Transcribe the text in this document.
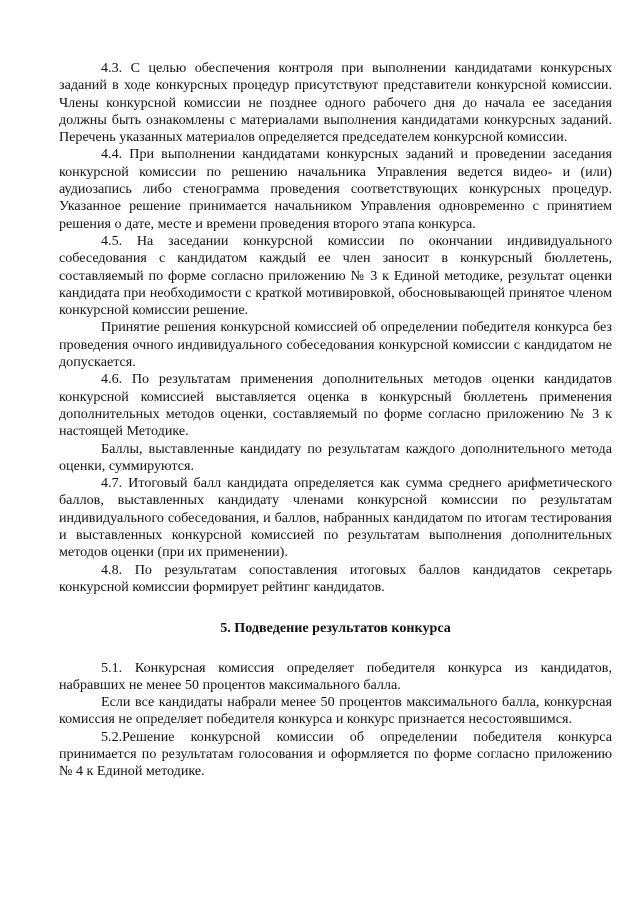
4.3. С целью обеспечения контроля при выполнении кандидатами конкурсных заданий в ходе конкурсных процедур присутствуют представители конкурсной комиссии. Члены конкурсной комиссии не позднее одного рабочего дня до начала ее заседания должны быть ознакомлены с материалами выполнения кандидатами конкурсных заданий. Перечень указанных материалов определяется председателем конкурсной комиссии.

4.4. При выполнении кандидатами конкурсных заданий и проведении заседания конкурсной комиссии по решению начальника Управления ведется видео- и (или) аудиозапись либо стенограмма проведения соответствующих конкурсных процедур. Указанное решение принимается начальником Управления одновременно с принятием решения о дате, месте и времени проведения второго этапа конкурса.

4.5. На заседании конкурсной комиссии по окончании индивидуального собеседования с кандидатом каждый ее член заносит в конкурсный бюллетень, составляемый по форме согласно приложению № 3 к Единой методике, результат оценки кандидата при необходимости с краткой мотивировкой, обосновывающей принятое членом конкурсной комиссии решение.

Принятие решения конкурсной комиссией об определении победителя конкурса без проведения очного индивидуального собеседования конкурсной комиссии с кандидатом не допускается.

4.6. По результатам применения дополнительных методов оценки кандидатов конкурсной комиссией выставляется оценка в конкурсный бюллетень применения дополнительных методов оценки, составляемый по форме согласно приложению № 3 к настоящей Методике.

Баллы, выставленные кандидату по результатам каждого дополнительного метода оценки, суммируются.

4.7. Итоговый балл кандидата определяется как сумма среднего арифметического баллов, выставленных кандидату членами конкурсной комиссии по результатам индивидуального собеседования, и баллов, набранных кандидатом по итогам тестирования и выставленных конкурсной комиссией по результатам выполнения дополнительных методов оценки (при их применении).

4.8. По результатам сопоставления итоговых баллов кандидатов секретарь конкурсной комиссии формирует рейтинг кандидатов.

5. Подведение результатов конкурса

5.1. Конкурсная комиссия определяет победителя конкурса из кандидатов, набравших не менее 50 процентов максимального балла.

Если все кандидаты набрали менее 50 процентов максимального балла, конкурсная комиссия не определяет победителя конкурса и конкурс признается несостоявшимся.

5.2.Решение конкурсной комиссии об определении победителя конкурса принимается по результатам голосования и оформляется по форме согласно приложению № 4 к Единой методике.
